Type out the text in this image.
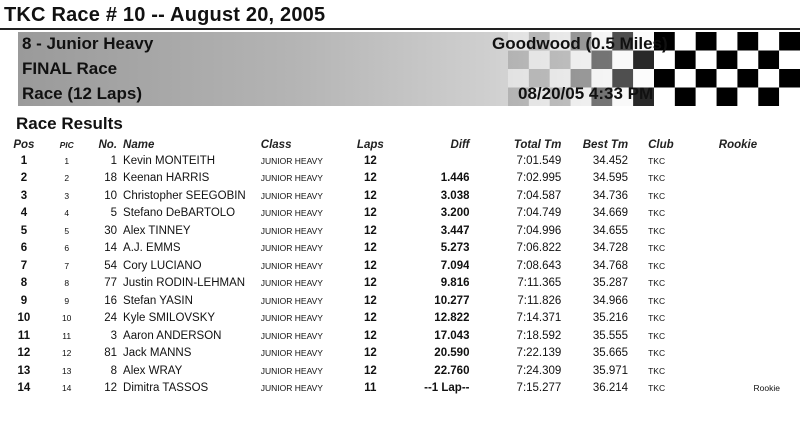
TKC Race # 10 -- August 20, 2005
8 - Junior Heavy
FINAL Race
Race (12 Laps)
Goodwood (0.5 Miles)
08/20/05 4:33 PM
Race Results
Pos	PIC	No.	Name	Class	Laps	Diff	Total Tm	Best Tm	Club	Rookie
1	1	1	Kevin MONTEITH	JUNIOR HEAVY	12		7:01.549	34.452	TKC	
2	2	18	Keenan HARRIS	JUNIOR HEAVY	12	1.446	7:02.995	34.595	TKC	
3	3	10	Christopher SEEGOBIN	JUNIOR HEAVY	12	3.038	7:04.587	34.736	TKC	
4	4	5	Stefano DeBARTOLO	JUNIOR HEAVY	12	3.200	7:04.749	34.669	TKC	
5	5	30	Alex TINNEY	JUNIOR HEAVY	12	3.447	7:04.996	34.655	TKC	
6	6	14	A.J. EMMS	JUNIOR HEAVY	12	5.273	7:06.822	34.728	TKC	
7	7	54	Cory LUCIANO	JUNIOR HEAVY	12	7.094	7:08.643	34.768	TKC	
8	8	77	Justin RODIN-LEHMAN	JUNIOR HEAVY	12	9.816	7:11.365	35.287	TKC	
9	9	16	Stefan YASIN	JUNIOR HEAVY	12	10.277	7:11.826	34.966	TKC	
10	10	24	Kyle SMILOVSKY	JUNIOR HEAVY	12	12.822	7:14.371	35.216	TKC	
11	11	3	Aaron ANDERSON	JUNIOR HEAVY	12	17.043	7:18.592	35.555	TKC	
12	12	81	Jack MANNS	JUNIOR HEAVY	12	20.590	7:22.139	35.665	TKC	
13	13	8	Alex WRAY	JUNIOR HEAVY	12	22.760	7:24.309	35.971	TKC	
14	14	12	Dimitra TASSOS	JUNIOR HEAVY	11	--1 Lap--	7:15.277	36.214	TKC	Rookie
